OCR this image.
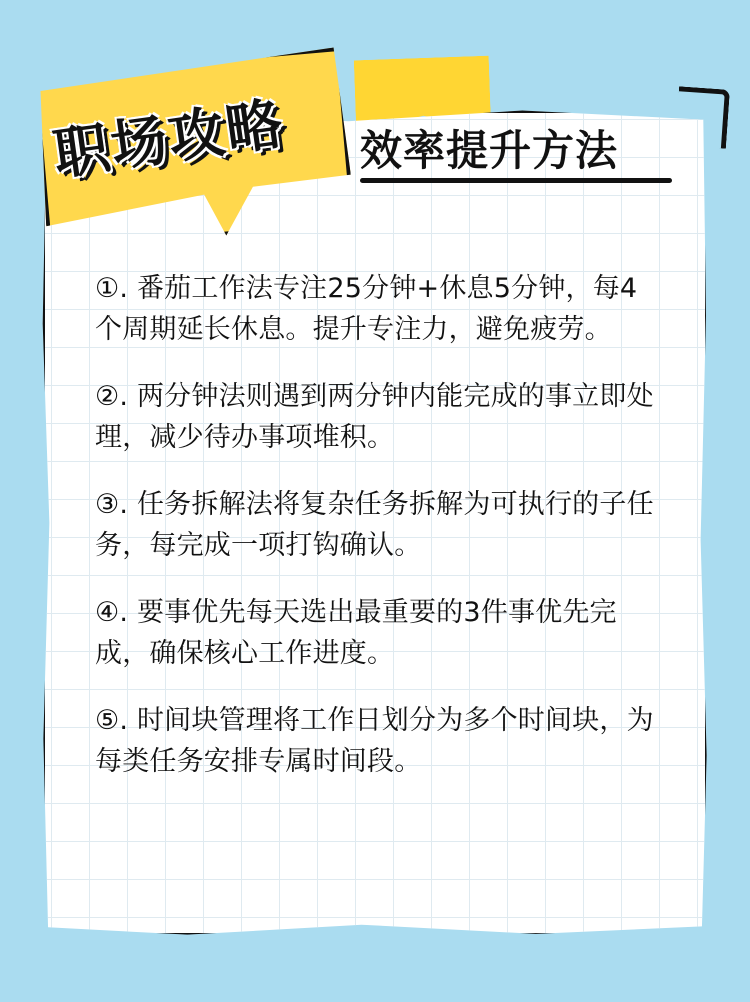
职场攻略	效率提升方法
①. 番茄工作法专注25分钟+休息5分钟，每4个周期延长休息。提升专注力，避免疲劳。
②. 两分钟法则遇到两分钟内能完成的事立即处理，减少待办事项堆积。
③. 任务拆解法将复杂任务拆解为可执行的子任务，每完成一项打钩确认。
④. 要事优先每天选出最重要的3件事优先完成，确保核心工作进度。
⑤. 时间块管理将工作日划分为多个时间块，为每类任务安排专属时间段。
